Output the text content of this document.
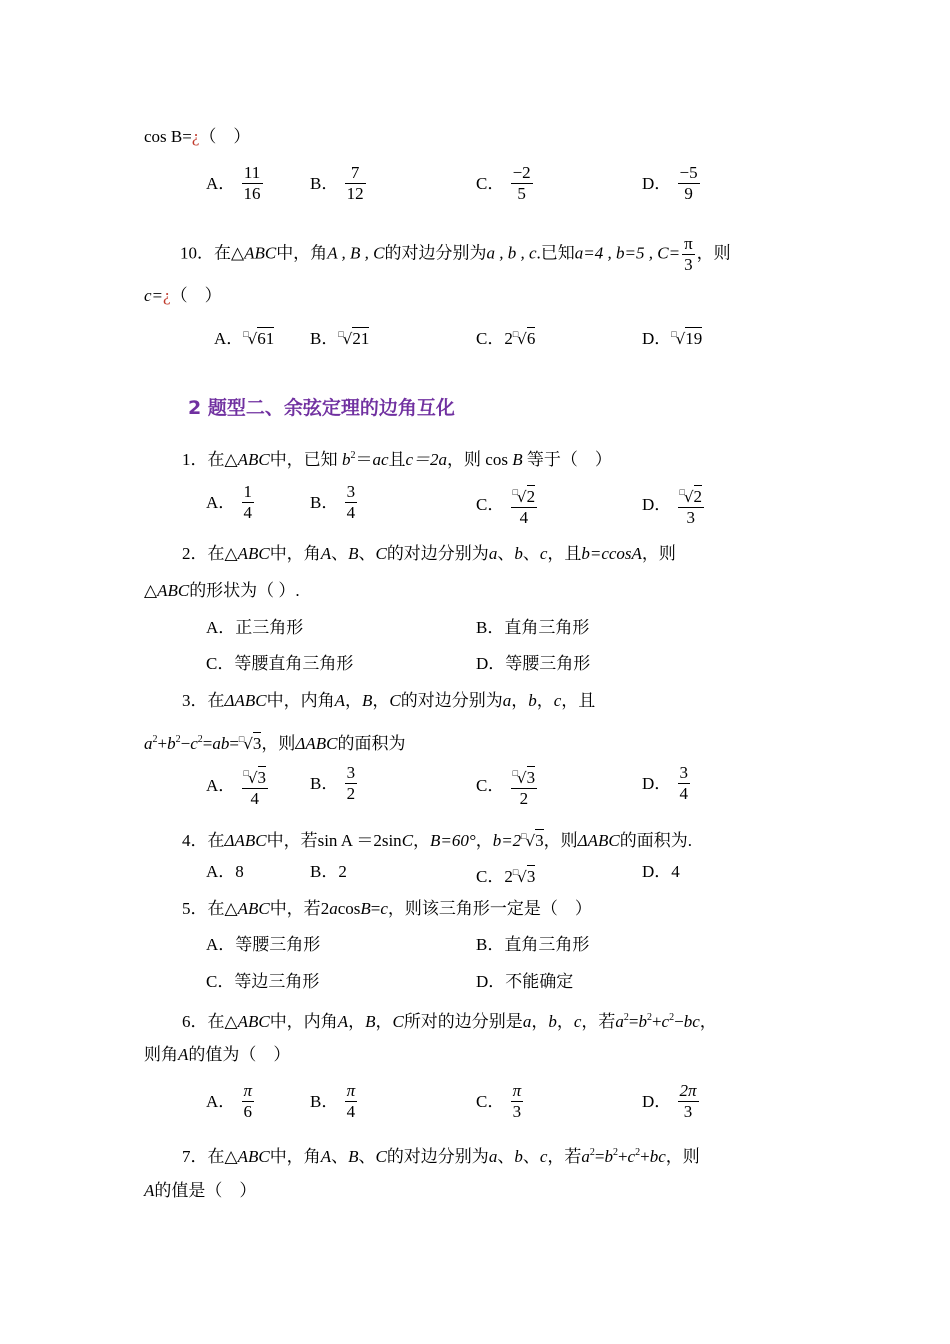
cos B=¿（　）
A． $\frac{11}{16}$	B． $\frac{7}{12}$	C． $\frac{-2}{5}$	D． $\frac{-5}{9}$
10．在△ABC中，角A , B , C的对边分别为a , b , c.已知a=4 , b=5 , $C= \frac{\pi}{3}$ ，则
c=¿（　）
A．□√61 B．□√21	C．2□√6	D．□√19
2 题型二、余弦定理的边角互化
1．在△ABC中，已知 $b^2=ac$且c＝2a，则 cos B 等于（　）
A． $\frac{1}{4}$	B． $\frac{3}{4}$	C． $\frac{^□√2}{4}$	D． $\frac{^□√2}{3}$
2．在△ABC中，角A、B、C的对边分别为a、b、c，且b=ccosA，则
△ABC的形状为（ ）.
A．正三角形	B．直角三角形
C．等腰直角三角形	D．等腰三角形
3．在ΔABC中，内角A，B，C的对边分别为a，b，c，且
$a^2+b^2-c^2=ab=^□√3$，则ΔABC的面积为
A． $\frac{^□√3}{4}$ B． $\frac{3}{2}$	C． $\frac{^□√3}{2}$	D． $\frac{3}{4}$
4．在ΔABC中，若sin A ＝2sinC，B=60°，b=2□√3，则ΔABC的面积为.
A．8	B．2	C．2□√3	D．4
5．在△ABC中，若2acosB=c，则该三角形一定是（　）
A．等腰三角形	B．直角三角形
C．等边三角形	D．不能确定
6．在△ABC中，内角A，B，C所对的边分别是a，b，c，若$a^2=b^2+c^2-bc$，
则角A的值为（　）
A． $\frac{\pi}{6}$	B． $\frac{\pi}{4}$	C． $\frac{\pi}{3}$	D． $\frac{2\pi}{3}$
7．在△ABC中，角A、B、C的对边分别为a、b、c，若$a^2=b^2+c^2+bc$，则
A的值是（　）
